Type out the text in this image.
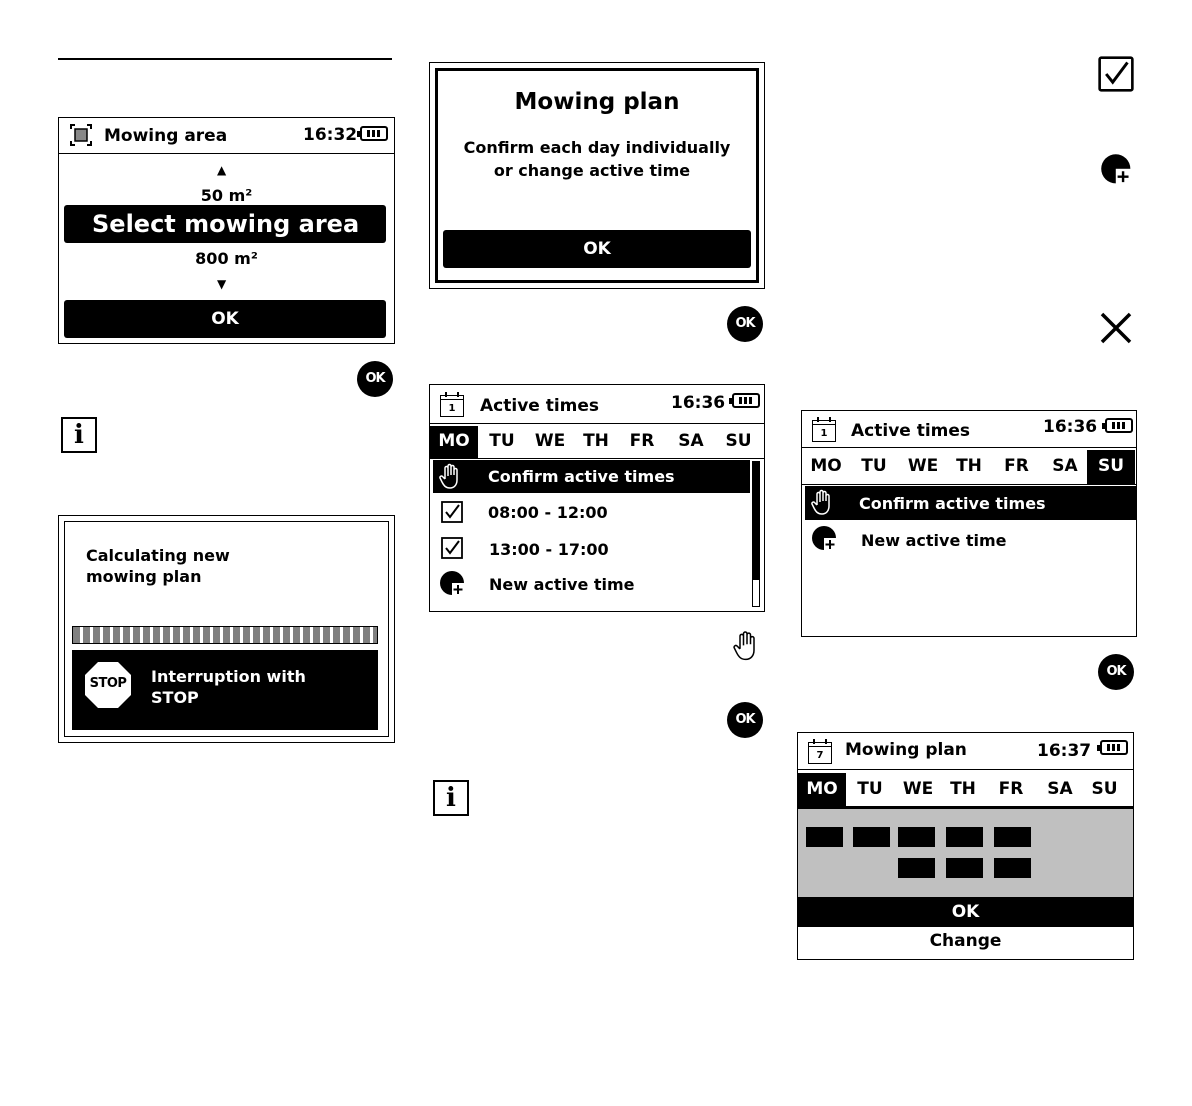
Mowing area	16:32
▲
50 m²
Select mowing area
800 m²
▼
OK
OK
i
Calculating new
mowing plan
STOP	Interruption with
STOP
Mowing plan
Confirm each day individually
or change active time
OK
OK
1	Active times	16:36
MO	TU	WE	TH	FR	SA	SU
Confirm active times
08:00 - 12:00
13:00 - 17:00
New active time
OK
i
1	Active times	16:36
MO	TU	WE	TH	FR	SA	SU
Confirm active times
New active time
OK
7	Mowing plan	16:37
MO	TU	WE TH	FR	SA	SU
OK
Change
